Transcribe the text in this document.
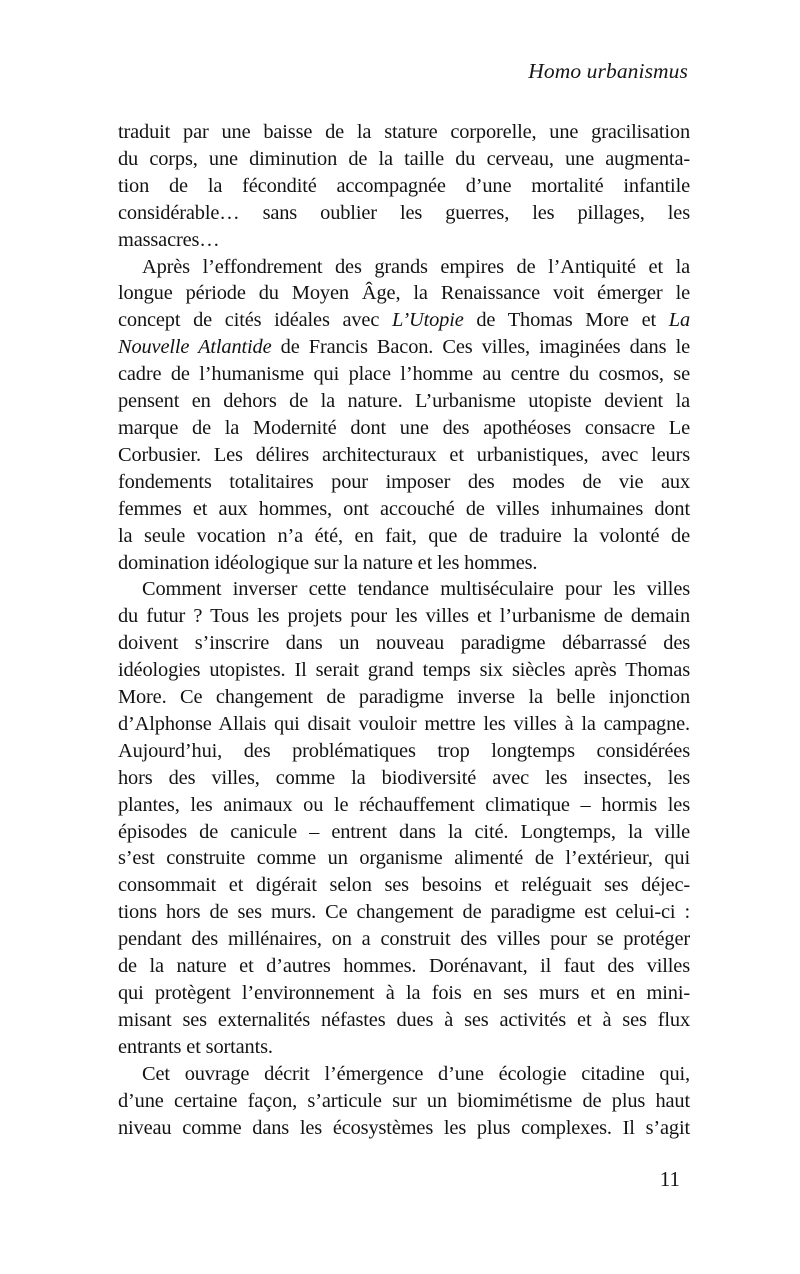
Homo urbanismus
traduit par une baisse de la stature corporelle, une gracilisation
du corps, une diminution de la taille du cerveau, une augmenta-
tion de la fécondité accompagnée d’une mortalité infantile
considérable… sans oublier les guerres, les pillages, les
massacres…
Après l’effondrement des grands empires de l’Antiquité et la
longue période du Moyen Âge, la Renaissance voit émerger le
concept de cités idéales avec L’Utopie de Thomas More et La
Nouvelle Atlantide de Francis Bacon. Ces villes, imaginées dans le
cadre de l’humanisme qui place l’homme au centre du cosmos, se
pensent en dehors de la nature. L’urbanisme utopiste devient la
marque de la Modernité dont une des apothéoses consacre Le
Corbusier. Les délires architecturaux et urbanistiques, avec leurs
fondements totalitaires pour imposer des modes de vie aux
femmes et aux hommes, ont accouché de villes inhumaines dont
la seule vocation n’a été, en fait, que de traduire la volonté de
domination idéologique sur la nature et les hommes.
Comment inverser cette tendance multiséculaire pour les villes
du futur ? Tous les projets pour les villes et l’urbanisme de demain
doivent s’inscrire dans un nouveau paradigme débarrassé des
idéologies utopistes. Il serait grand temps six siècles après Thomas
More. Ce changement de paradigme inverse la belle injonction
d’Alphonse Allais qui disait vouloir mettre les villes à la campagne.
Aujourd’hui, des problématiques trop longtemps considérées
hors des villes, comme la biodiversité avec les insectes, les
plantes, les animaux ou le réchauffement climatique – hormis les
épisodes de canicule – entrent dans la cité. Longtemps, la ville
s’est construite comme un organisme alimenté de l’extérieur, qui
consommait et digérait selon ses besoins et reléguait ses déjec-
tions hors de ses murs. Ce changement de paradigme est celui-ci :
pendant des millénaires, on a construit des villes pour se protéger
de la nature et d’autres hommes. Dorénavant, il faut des villes
qui protègent l’environnement à la fois en ses murs et en mini-
misant ses externalités néfastes dues à ses activités et à ses flux
entrants et sortants.
Cet ouvrage décrit l’émergence d’une écologie citadine qui,
d’une certaine façon, s’articule sur un biomimétisme de plus haut
niveau comme dans les écosystèmes les plus complexes. Il s’agit
11
